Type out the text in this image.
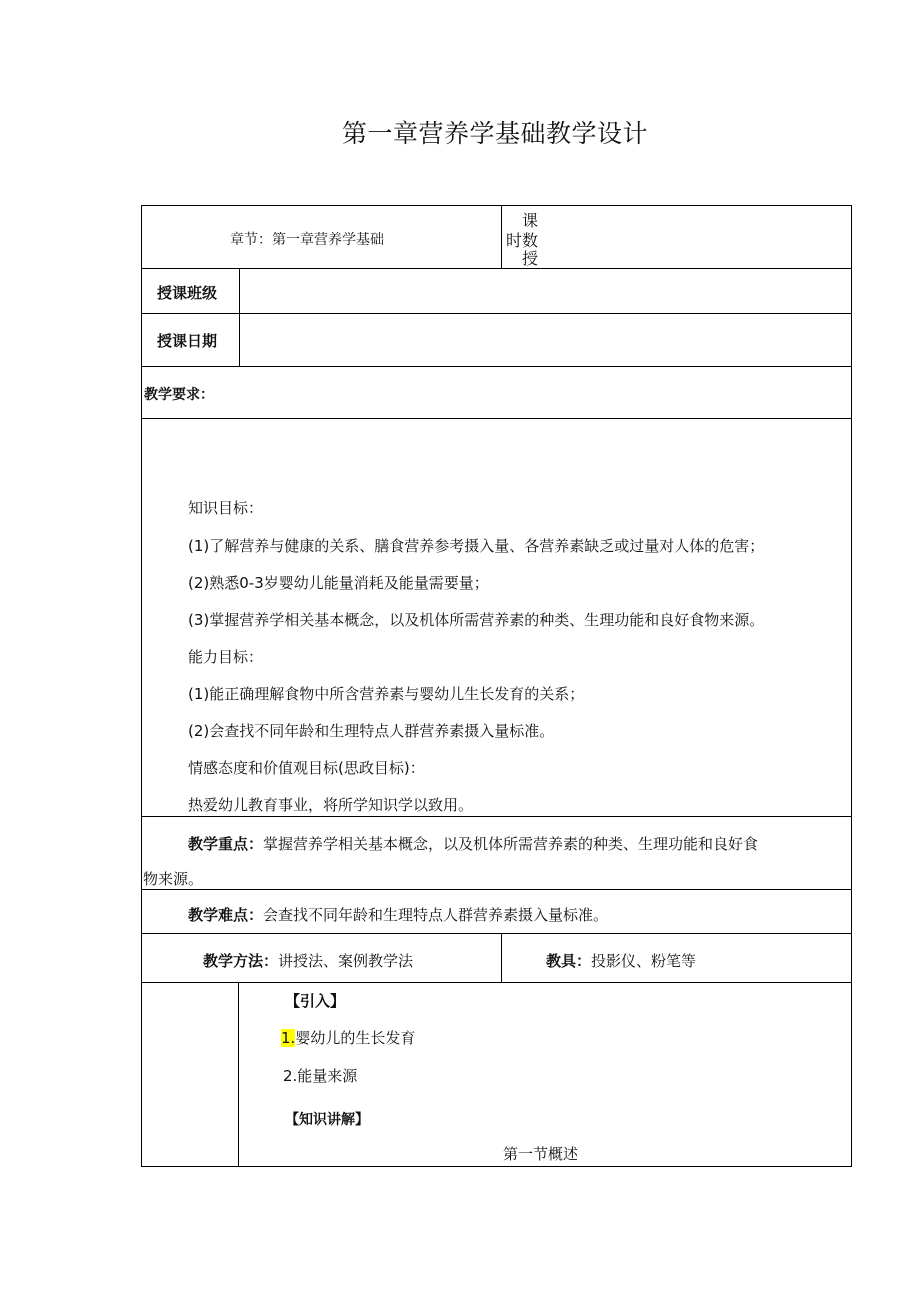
第一章营养学基础教学设计
章节：第一章营养学基础
课
时数
授
授课班级
授课日期
教学要求：
知识目标：
(1)了解营养与健康的关系、膳食营养参考摄入量、各营养素缺乏或过量对人体的危害；
(2)熟悉0-3岁婴幼儿能量消耗及能量需要量；
(3)掌握营养学相关基本概念，以及机体所需营养素的种类、生理功能和良好食物来源。
能力目标：
(1)能正确理解食物中所含营养素与婴幼儿生长发育的关系；
(2)会查找不同年龄和生理特点人群营养素摄入量标准。
情感态度和价值观目标(思政目标)：
热爱幼儿教育事业，将所学知识学以致用。
教学重点：掌握营养学相关基本概念，以及机体所需营养素的种类、生理功能和良好食
物来源。
教学难点：会查找不同年龄和生理特点人群营养素摄入量标准。
教学方法：讲授法、案例教学法	教具：投影仪、粉笔等
【引入】
1.婴幼儿的生长发育
2.能量来源
【知识讲解】
第一节概述
